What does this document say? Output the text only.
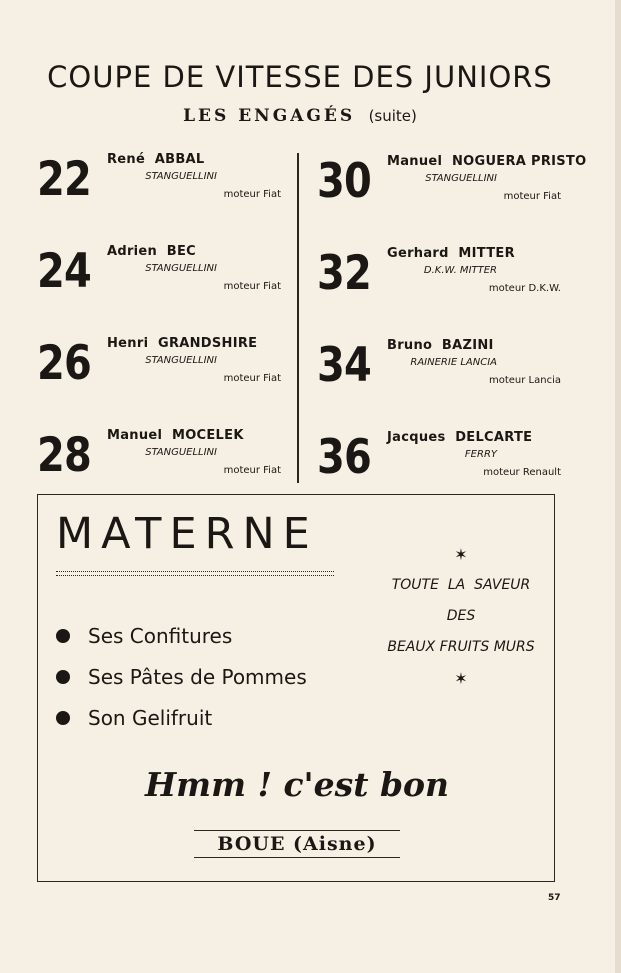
COUPE DE VITESSE DES JUNIORS
LES ENGAGÉS (suite)
22 René ABBAL
STANGUELLINI
moteur Fiat
24 Adrien BEC
STANGUELLINI
moteur Fiat
26 Henri GRANDSHIRE
STANGUELLINI
moteur Fiat
28 Manuel MOCELEK
STANGUELLINI
moteur Fiat
30 Manuel NOGUERA PRISTO
STANGUELLINI
moteur Fiat
32 Gerhard MITTER
D.K.W. MITTER
moteur D.K.W.
34 Bruno BAZINI
RAINERIE LANCIA
moteur Lancia
36 Jacques DELCARTE
FERRY
moteur Renault
MATERNE
Ses Confitures
Ses Pâtes de Pommes
Son Gelifruit
✶
TOUTE  LA  SAVEUR
DES
BEAUX FRUITS MURS
✶
Hmm ! c'est bon
BOUE (Aisne)
57
